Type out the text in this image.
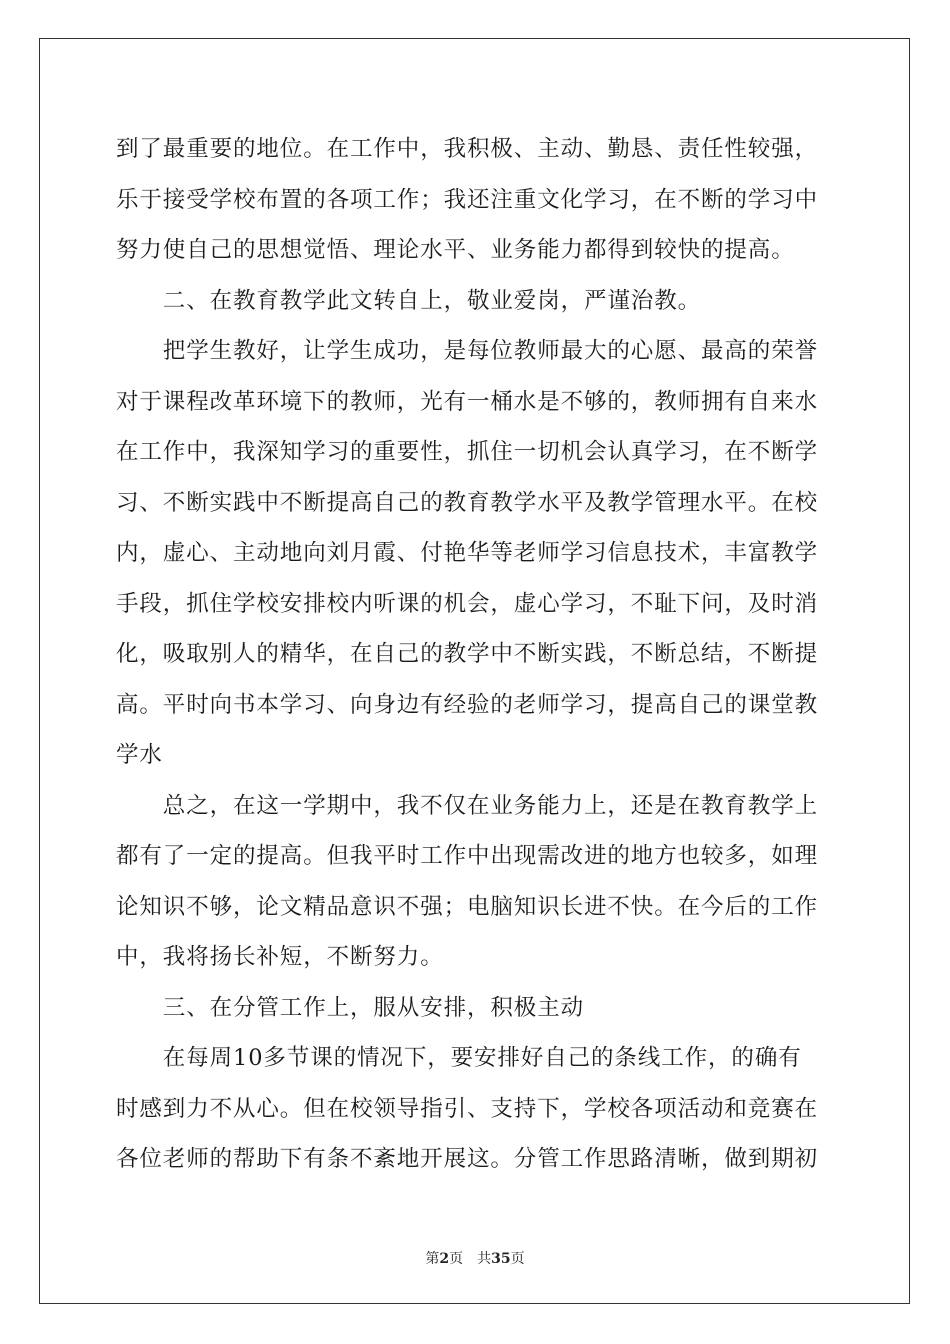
到了最重要的地位。在工作中，我积极、主动、勤恳、责任性较强，
乐于接受学校布置的各项工作；我还注重文化学习，在不断的学习中
努力使自己的思想觉悟、理论水平、业务能力都得到较快的提高。
　　二、在教育教学此文转自上，敬业爱岗，严谨治教。
　　把学生教好，让学生成功，是每位教师最大的心愿、最高的荣誉
对于课程改革环境下的教师，光有一桶水是不够的，教师拥有自来水
在工作中，我深知学习的重要性，抓住一切机会认真学习，在不断学
习、不断实践中不断提高自己的教育教学水平及教学管理水平。在校
内，虚心、主动地向刘月霞、付艳华等老师学习信息技术，丰富教学
手段，抓住学校安排校内听课的机会，虚心学习，不耻下问，及时消
化，吸取别人的精华，在自己的教学中不断实践，不断总结，不断提
高。平时向书本学习、向身边有经验的老师学习，提高自己的课堂教
学水
　　总之，在这一学期中，我不仅在业务能力上，还是在教育教学上
都有了一定的提高。但我平时工作中出现需改进的地方也较多，如理
论知识不够，论文精品意识不强；电脑知识长进不快。在今后的工作
中，我将扬长补短，不断努力。
　　三、在分管工作上，服从安排，积极主动
　　在每周10多节课的情况下，要安排好自己的条线工作，的确有
时感到力不从心。但在校领导指引、支持下，学校各项活动和竞赛在
各位老师的帮助下有条不紊地开展这。分管工作思路清晰，做到期初
第2页　 共35页
